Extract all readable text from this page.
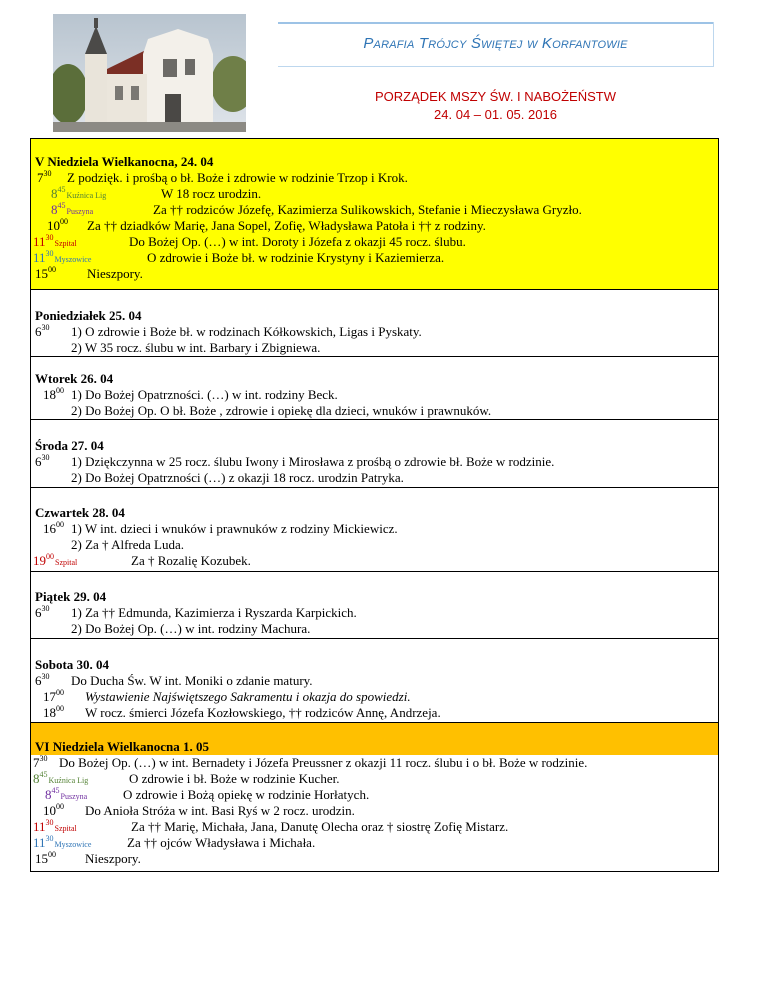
Parafia Trójcy Świętej w Korfantowie
PORZĄDEK MSZY ŚW. I NABOŻEŃSTW
24. 04 – 01. 05. 2016
V Niedziela Wielkanocna, 24. 04
$7^{30}$ Z podzięk. i prośbą o bł. Boże i zdrowie w rodzinie Trzop i Krok.
$8^{45}Kuźnica$ Lig	W 18 rocz urodzin.
$8^{45}Puszyna$	Za †† rodziców Józefę, Kazimierza Sulikowskich, Stefanie i Mieczysława Gryzło.
$10^{00}$ Za †† dziadków Marię, Jana Sopel, Zofię, Władysława Patoła i †† z rodziny.
$11^{30}Szpital$	Do Bożej Op. (…) w int. Doroty i Józefa z okazji 45 rocz. ślubu.
$11^{30}Myszowice$	O zdrowie i Boże bł. w rodzinie Krystyny i Kaziemierza.
$15^{00}$ Nieszpory.
Poniedziałek 25. 04
$6^{30}$ 1) O zdrowie i Boże bł. w rodzinach Kółkowskich, Ligas i Pyskaty.
2) W 35 rocz. ślubu w int. Barbary i Zbigniewa.
Wtorek 26. 04
$18^{00}$ 1) Do Bożej Opatrzności. (…) w int. rodziny Beck.
2) Do Bożej Op. O bł. Boże , zdrowie i opiekę dla dzieci, wnuków i prawnuków.
Środa 27. 04
$6^{30}$ 1) Dziękczynna w 25 rocz. ślubu Iwony i Mirosława z prośbą o zdrowie bł. Boże w rodzinie.
2) Do Bożej Opatrzności (…) z okazji 18 rocz. urodzin Patryka.
Czwartek 28. 04
$16^{00}$ 1) W int. dzieci i wnuków i prawnuków z rodziny Mickiewicz.
2) Za † Alfreda Luda.
$19^{00}Szpital$	Za † Rozalię Kozubek.
Piątek 29. 04
$6^{30}$ 1) Za †† Edmunda, Kazimierza i Ryszarda Karpickich.
2) Do Bożej Op. (…) w int. rodziny Machura.
Sobota 30. 04
$6^{30}$ Do Ducha Św. W int. Moniki o zdanie matury.
$17^{00}$ Wystawienie Najświętszego Sakramentu i okazja do spowiedzi.
$18^{00}$ W rocz. śmierci Józefa Kozłowskiego, †† rodziców Annę, Andrzeja.
VI Niedziela Wielkanocna 1. 05
$7^{30}$ Do Bożej Op. (…) w int. Bernadety i Józefa Preussner z okazji 11 rocz. ślubu i o bł. Boże w rodzinie.
$8^{45}Kuźnica$ Lig	O zdrowie i bł. Boże w rodzinie Kucher.
$8^{45}Puszyna$	O zdrowie i Bożą opiekę w rodzinie Horłatych.
$10^{00}$ Do Anioła Stróża w int. Basi Ryś w 2 rocz. urodzin.
$11^{30}Szpital$	Za †† Marię, Michała, Jana, Danutę Olecha oraz † siostrę Zofię Mistarz.
$11^{30}Myszowice$	Za †† ojców Władysława i Michała.
$15^{00}$ Nieszpory.
